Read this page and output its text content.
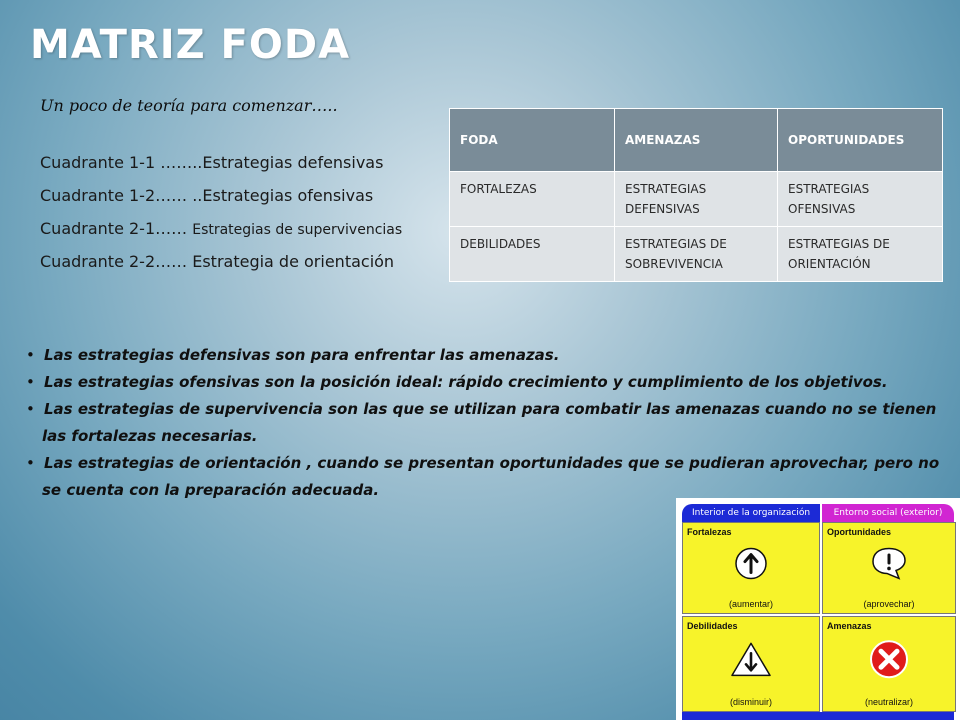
MATRIZ FODA

Un poco de teoría para comenzar…..

Cuadrante 1-1 ……..Estrategias defensivas
Cuadrante 1-2…… ..Estrategias ofensivas
Cuadrante 2-1…… Estrategias de supervivencias
Cuadrante 2-2…… Estrategia de orientación
FODA	AMENAZAS	OPORTUNIDADES
FORTALEZAS	ESTRATEGIAS DEFENSIVAS	ESTRATEGIAS OFENSIVAS
DEBILIDADES	ESTRATEGIAS DE SOBREVIVENCIA	ESTRATEGIAS DE ORIENTACIÓN
• Las estrategias defensivas son para enfrentar las amenazas.
• Las estrategias ofensivas son la posición ideal: rápido crecimiento y cumplimiento de los objetivos.
• Las estrategias de supervivencia son las que se utilizan para combatir las amenazas cuando no se tienen las fortalezas necesarias.
• Las estrategias de orientación , cuando se presentan oportunidades que se pudieran aprovechar, pero no se cuenta con la preparación adecuada.
Interior de la organización	Entorno social (exterior)
Fortalezas
(aumentar)
Oportunidades
(aprovechar)
Debilidades
(disminuir)
Amenazas
(neutralizar)
